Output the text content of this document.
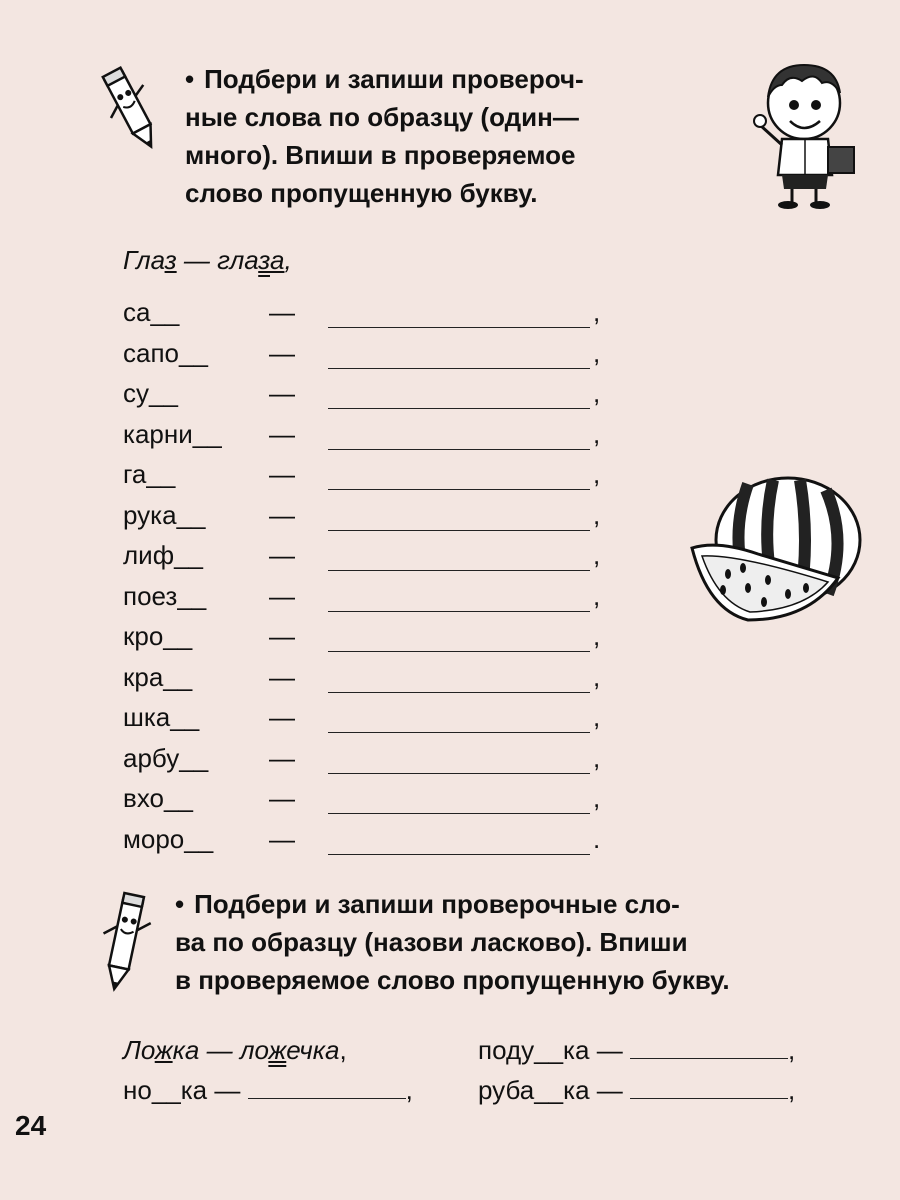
• Подбери и запиши провероч-
ные слова по образцу (один—
много). Впиши в проверяемое
слово пропущенную букву.
Глаз — глаза,
са__	—	,
сапо__ —	,
су__	—	,
карни__ —	,
га__	—	,
рука__ —	,
лиф__	—	,
поез__ —	,
кро__	—	,
кра__	—	,
шка__	—	,
арбу__ —	,
вхо__	—	,
моро__ —	.
• Подбери и запиши проверочные сло-
ва по образцу (назови ласково). Впиши
в проверяемое слово пропущенную букву.
Ложка — ложечка,	поду__ка —	,
но__ка —	,	руба__ка —	,
24
